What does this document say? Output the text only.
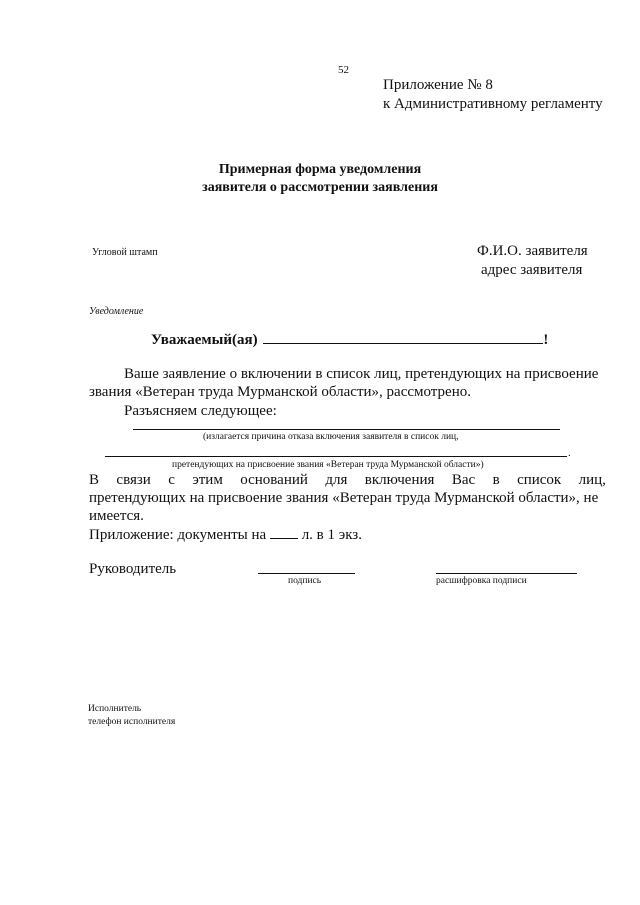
52
Приложение № 8
к Административному регламенту
Примерная форма уведомления
заявителя о рассмотрении заявления
Угловой штамп	Ф.И.О. заявителя
адрес заявителя
Уведомление
Уважаемый(ая)	!
Ваше заявление о включении в список лиц, претендующих на присвоение
звания «Ветеран труда Мурманской области», рассмотрено.
Разъясняем следующее:
(излагается причина отказа включения заявителя в список лиц,
.
претендующих на присвоение звания «Ветеран труда Мурманской области»)
В связи с этим оснований для включения Вас в список лиц,
претендующих на присвоение звания «Ветеран труда Мурманской области», не
имеется.
Приложение: документы на  л. в 1 экз.
Руководитель
подпись	расшифровка подписи
Исполнитель
телефон исполнителя
